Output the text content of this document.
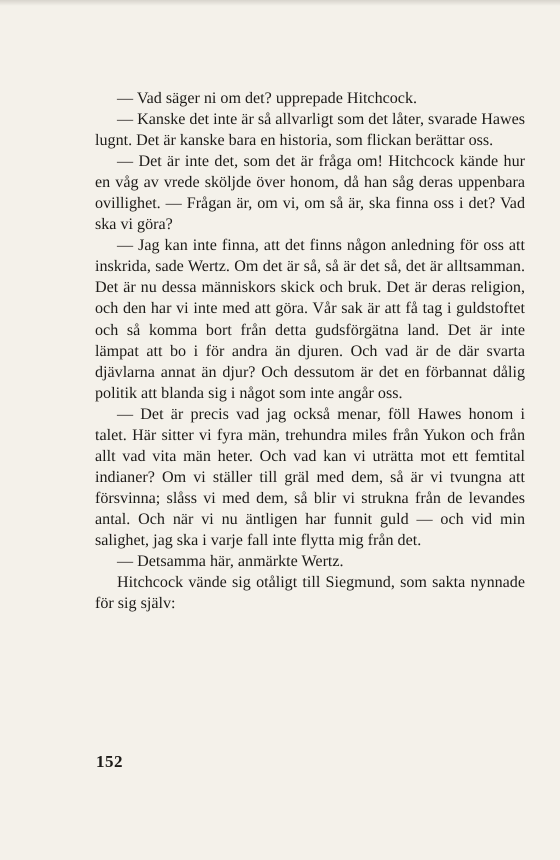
— Vad säger ni om det? upprepade Hitchcock.

— Kanske det inte är så allvarligt som det låter, svarade Hawes lugnt. Det är kanske bara en historia, som flickan berättar oss.

— Det är inte det, som det är fråga om! Hitchcock kände hur en våg av vrede sköljde över honom, då han såg deras uppenbara ovillighet. — Frågan är, om vi, om så är, ska finna oss i det? Vad ska vi göra?

— Jag kan inte finna, att det finns någon anledning för oss att inskrida, sade Wertz. Om det är så, så är det så, det är alltsamman. Det är nu dessa människors skick och bruk. Det är deras religion, och den har vi inte med att göra. Vår sak är att få tag i guldstoftet och så komma bort från detta gudsförgätna land. Det är inte lämpat att bo i för andra än djuren. Och vad är de där svarta djävlarna annat än djur? Och dessutom är det en förbannat dålig politik att blanda sig i något som inte angår oss.

— Det är precis vad jag också menar, föll Hawes honom i talet. Här sitter vi fyra män, trehundra miles från Yukon och från allt vad vita män heter. Och vad kan vi uträtta mot ett femtital indianer? Om vi ställer till gräl med dem, så är vi tvungna att försvinna; slåss vi med dem, så blir vi strukna från de levandes antal. Och när vi nu äntligen har funnit guld — och vid min salighet, jag ska i varje fall inte flytta mig från det.

— Detsamma här, anmärkte Wertz.

Hitchcock vände sig otåligt till Siegmund, som sakta nynnade för sig själv:

152
